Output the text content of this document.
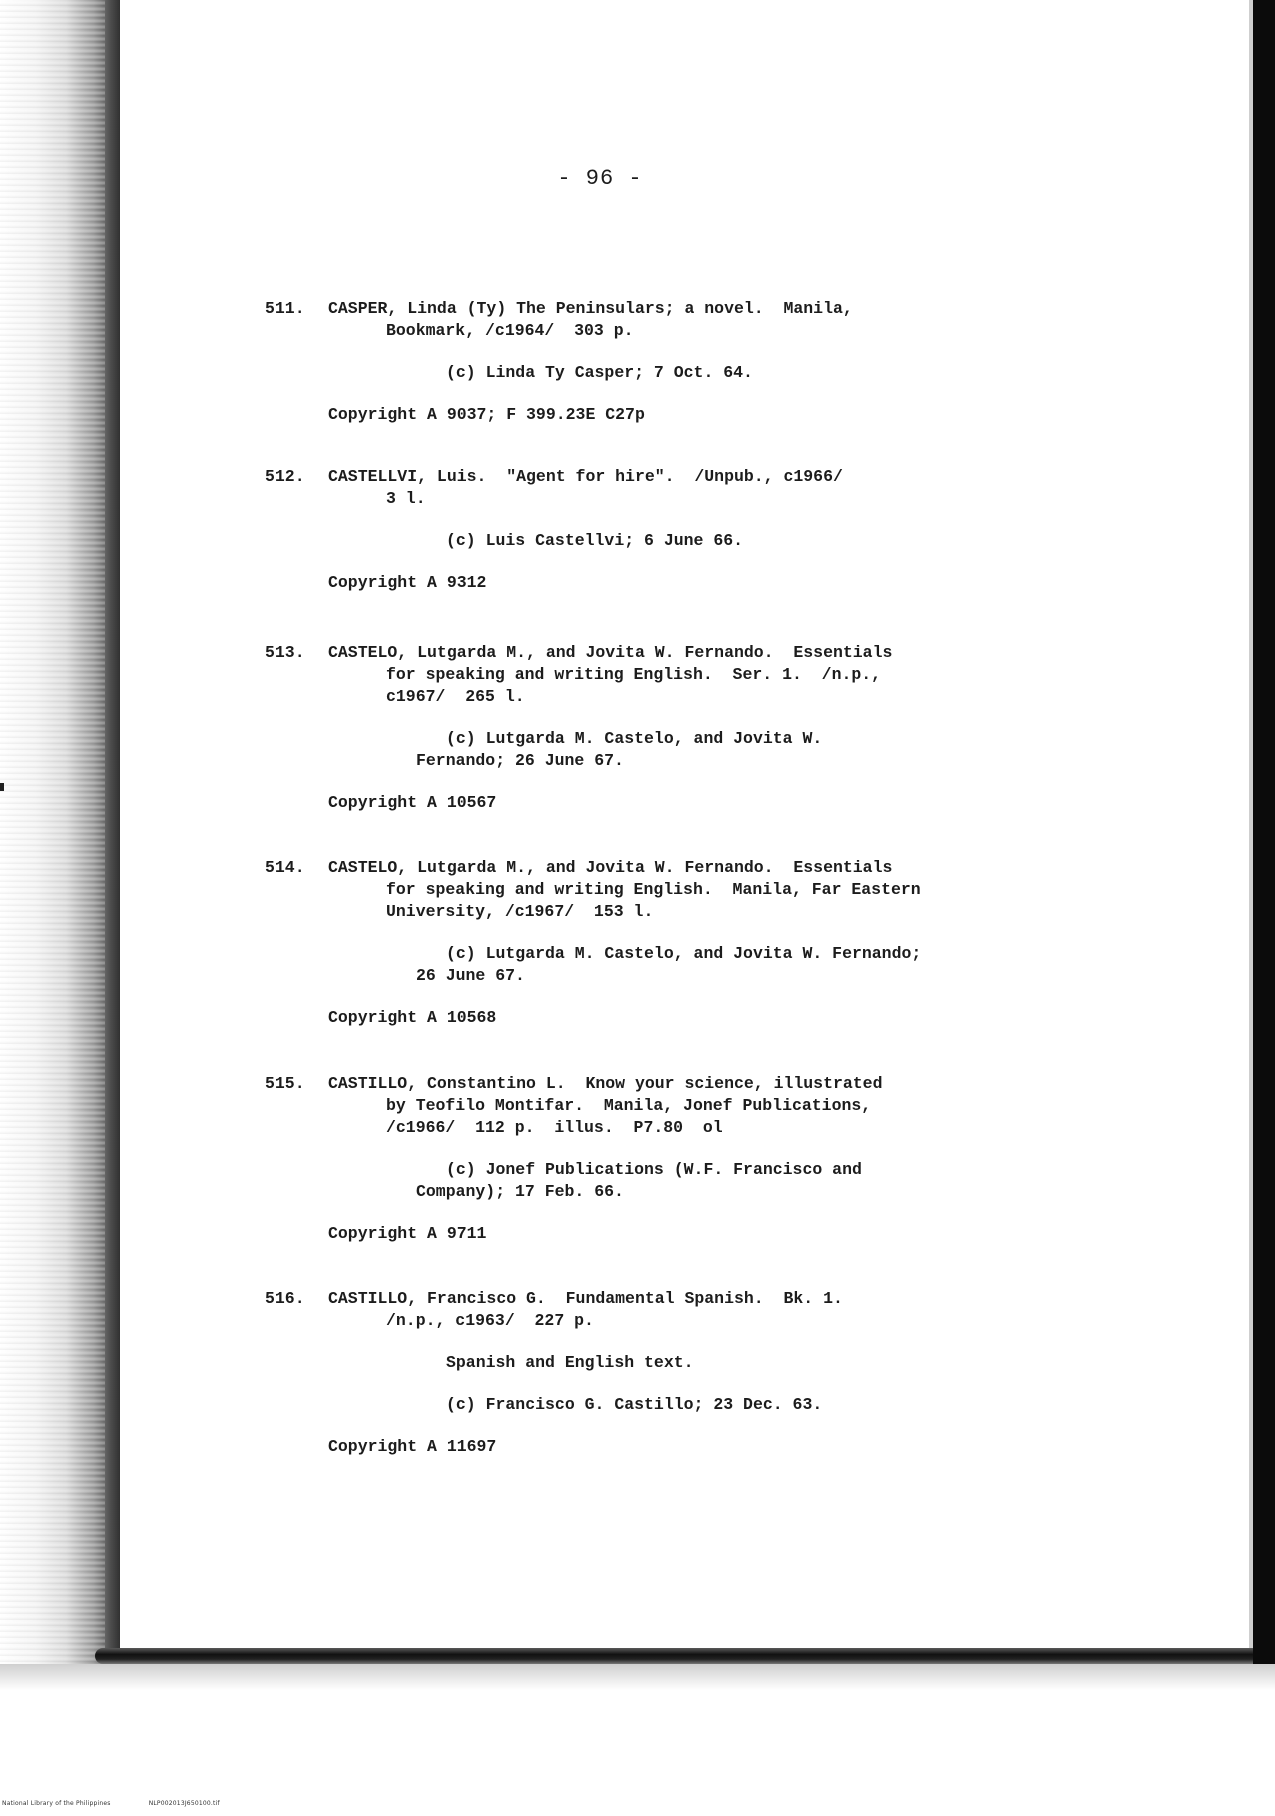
- 96 -
511.	CASPER, Linda (Ty) The Peninsulars; a novel.  Manila,
Bookmark, /c1964/  303 p.
(c) Linda Ty Casper; 7 Oct. 64.
Copyright A 9037; F 399.23E C27p
512.	CASTELLVI, Luis.  "Agent for hire".  /Unpub., c1966/
3 l.
(c) Luis Castellvi; 6 June 66.
Copyright A 9312
513.	CASTELO, Lutgarda M., and Jovita W. Fernando.  Essentials
for speaking and writing English.  Ser. 1.  /n.p.,
c1967/  265 l.
(c) Lutgarda M. Castelo, and Jovita W.
Fernando; 26 June 67.
Copyright A 10567
514.	CASTELO, Lutgarda M., and Jovita W. Fernando.  Essentials
for speaking and writing English.  Manila, Far Eastern
University, /c1967/  153 l.
(c) Lutgarda M. Castelo, and Jovita W. Fernando;
26 June 67.
Copyright A 10568
515.	CASTILLO, Constantino L.  Know your science, illustrated
by Teofilo Montifar.  Manila, Jonef Publications,
/c1966/  112 p.  illus.  P7.80  ol
(c) Jonef Publications (W.F. Francisco and
Company); 17 Feb. 66.
Copyright A 9711
516.	CASTILLO, Francisco G.  Fundamental Spanish.  Bk. 1.
/n.p., c1963/  227 p.
Spanish and English text.
(c) Francisco G. Castillo; 23 Dec. 63.
Copyright A 11697
National Library of the Philippines	NLP002013J650100.tif
